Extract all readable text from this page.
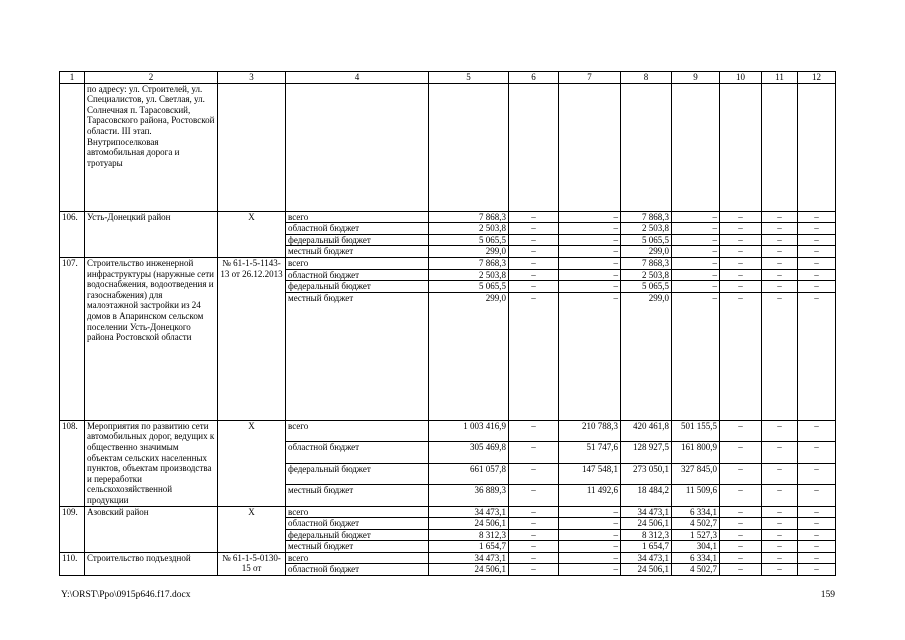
1	2	3	4	5	6	7	8	9	10	11	12
	по адресу: ул. Строителей, ул. Специалистов, ул. Светлая, ул. Солнечная п. Тарасовский, Тарасовского района, Ростовской области. III этап. Внутрипоселковая автомобильная дорога и тротуары										
106.	Усть-Донецкий район	Х	всего	7 868,3	–	–	7 868,3	–	–	–	–
			областной бюджет	2 503,8	–	–	2 503,8	–	–	–	–
			федеральный бюджет	5 065,5	–	–	5 065,5	–	–	–	–
			местный бюджет	299,0	–	–	299,0	–	–	–	–
107.	Строительство инженерной инфраструктуры (наружные сети водоснабжения, водоотведения и газоснабжения) для малоэтажной застройки из 24 домов в Апаринском сельском поселении Усть-Донецкого района Ростовской области	№ 61-1-5-1143-13 от 26.12.2013	всего	7 868,3	–	–	7 868,3	–	–	–	–
			областной бюджет	2 503,8	–	–	2 503,8	–	–	–	–
			федеральный бюджет	5 065,5	–	–	5 065,5	–	–	–	–
			местный бюджет	299,0	–	–	299,0	–	–	–	–
108.	Мероприятия по развитию сети автомобильных дорог, ведущих к общественно значимым объектам сельских населенных пунктов, объектам производства и переработки сельскохозяйственной продукции	Х	всего	1 003 416,9	–	210 788,3	420 461,8	501 155,5	–	–	–
			областной бюджет	305 469,8	–	51 747,6	128 927,5	161 800,9	–	–	–
			федеральный бюджет	661 057,8	–	147 548,1	273 050,1	327 845,0	–	–	–
			местный бюджет	36 889,3	–	11 492,6	18 484,2	11 509,6	–	–	–
109.	Азовский район	Х	всего	34 473,1	–	–	34 473,1	6 334,1	–	–	–
			областной бюджет	24 506,1	–	–	24 506,1	4 502,7	–	–	–
			федеральный бюджет	8 312,3	–	–	8 312,3	1 527,3	–	–	–
			местный бюджет	1 654,7	–	–	1 654,7	304,1	–	–	–
110.	Строительство подъездной	№ 61-1-5-0130-15 от	всего	34 473,1	–	–	34 473,1	6 334,1	–	–	–
			областной бюджет	24 506,1	–	–	24 506,1	4 502,7	–	–	–
Y:\ORST\Ppo\0915p646.f17.docx	159
